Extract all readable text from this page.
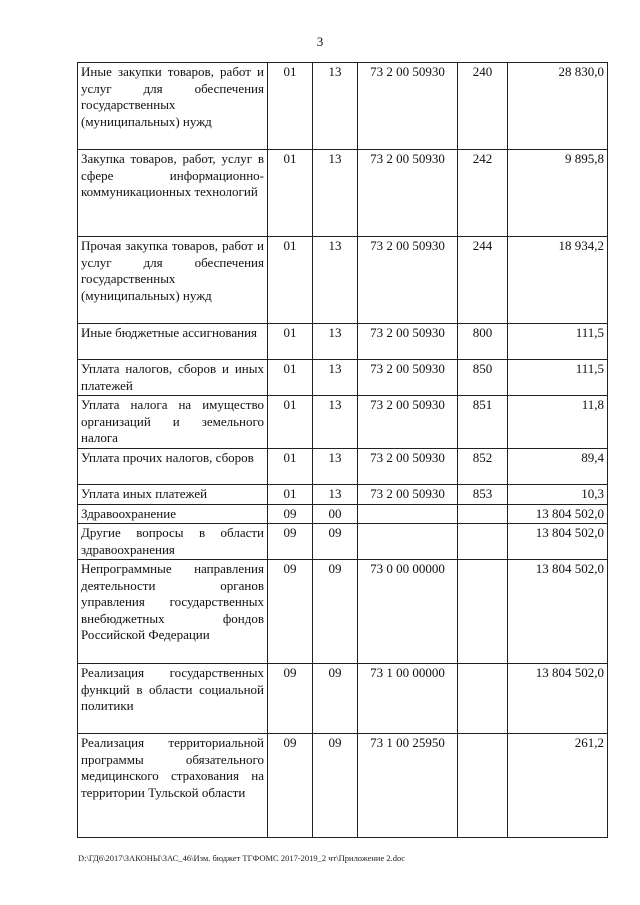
3
Иные закупки товаров, работ и услуг для обеспечения государственных (муниципальных) нужд	01	13	73 2 00 50930	240	28 830,0
Закупка товаров, работ, услуг в сфере информационно-коммуникационных технологий	01	13	73 2 00 50930	242	9 895,8
Прочая закупка товаров, работ и услуг для обеспечения государственных (муниципальных) нужд	01	13	73 2 00 50930	244	18 934,2
Иные бюджетные ассигнования	01	13	73 2 00 50930	800	111,5
Уплата налогов, сборов и иных платежей	01	13	73 2 00 50930	850	111,5
Уплата налога на имущество организаций и земельного налога	01	13	73 2 00 50930	851	11,8
Уплата прочих налогов, сборов	01	13	73 2 00 50930	852	89,4
Уплата иных платежей	01	13	73 2 00 50930	853	10,3
Здравоохранение	09	00			13 804 502,0
Другие вопросы в области здравоохранения	09	09			13 804 502,0
Непрограммные направления деятельности органов управления государственных внебюджетных фондов Российской Федерации	09	09	73 0 00 00000		13 804 502,0
Реализация государственных функций в области социальной политики	09	09	73 1 00 00000		13 804 502,0
Реализация территориальной программы обязательного медицинского страхования на территории Тульской области	09	09	73 1 00 25950		261,2
D:\ГД6\2017\ЗАКОНЫ\ЗАС_46\Изм. бюджет ТГФОМС 2017-2019_2 чт\Приложение 2.doc
